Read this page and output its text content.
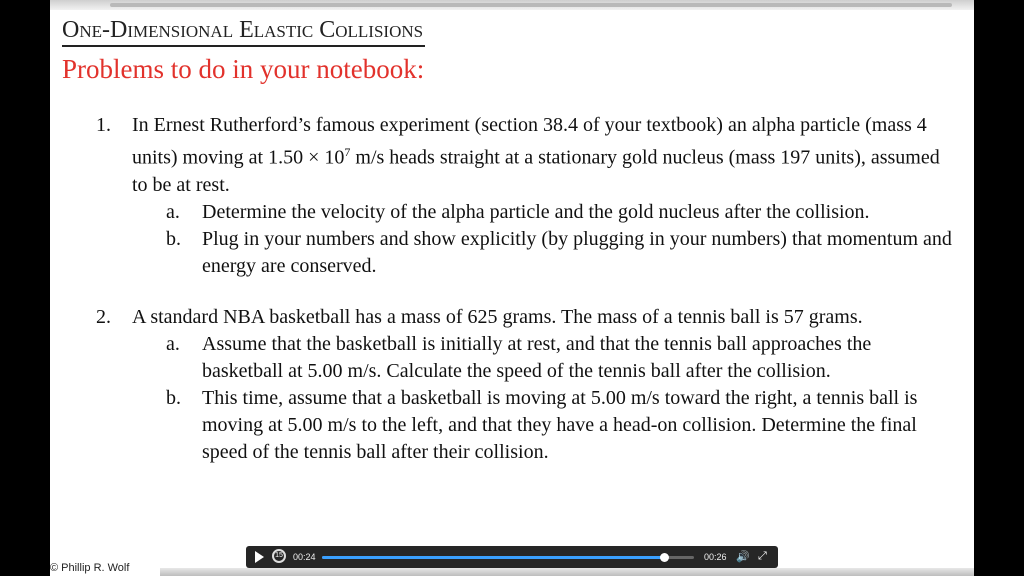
One-Dimensional Elastic Collisions
Problems to do in your notebook:
1. In Ernest Rutherford’s famous experiment (section 38.4 of your textbook) an alpha particle (mass 4 units) moving at $1.50 \times 10^7$ m/s heads straight at a stationary gold nucleus (mass 197 units), assumed to be at rest.
a. Determine the velocity of the alpha particle and the gold nucleus after the collision.
b. Plug in your numbers and show explicitly (by plugging in your numbers) that momentum and energy are conserved.
2. A standard NBA basketball has a mass of 625 grams. The mass of a tennis ball is 57 grams.
a. Assume that the basketball is initially at rest, and that the tennis ball approaches the basketball at 5.00 m/s. Calculate the speed of the tennis ball after the collision.
b. This time, assume that a basketball is moving at 5.00 m/s toward the right, a tennis ball is moving at 5.00 m/s to the left, and that they have a head-on collision. Determine the final speed of the tennis ball after their collision.
© Phillip R. Wolf
15	00:24	00:26 🔊 ⤢
